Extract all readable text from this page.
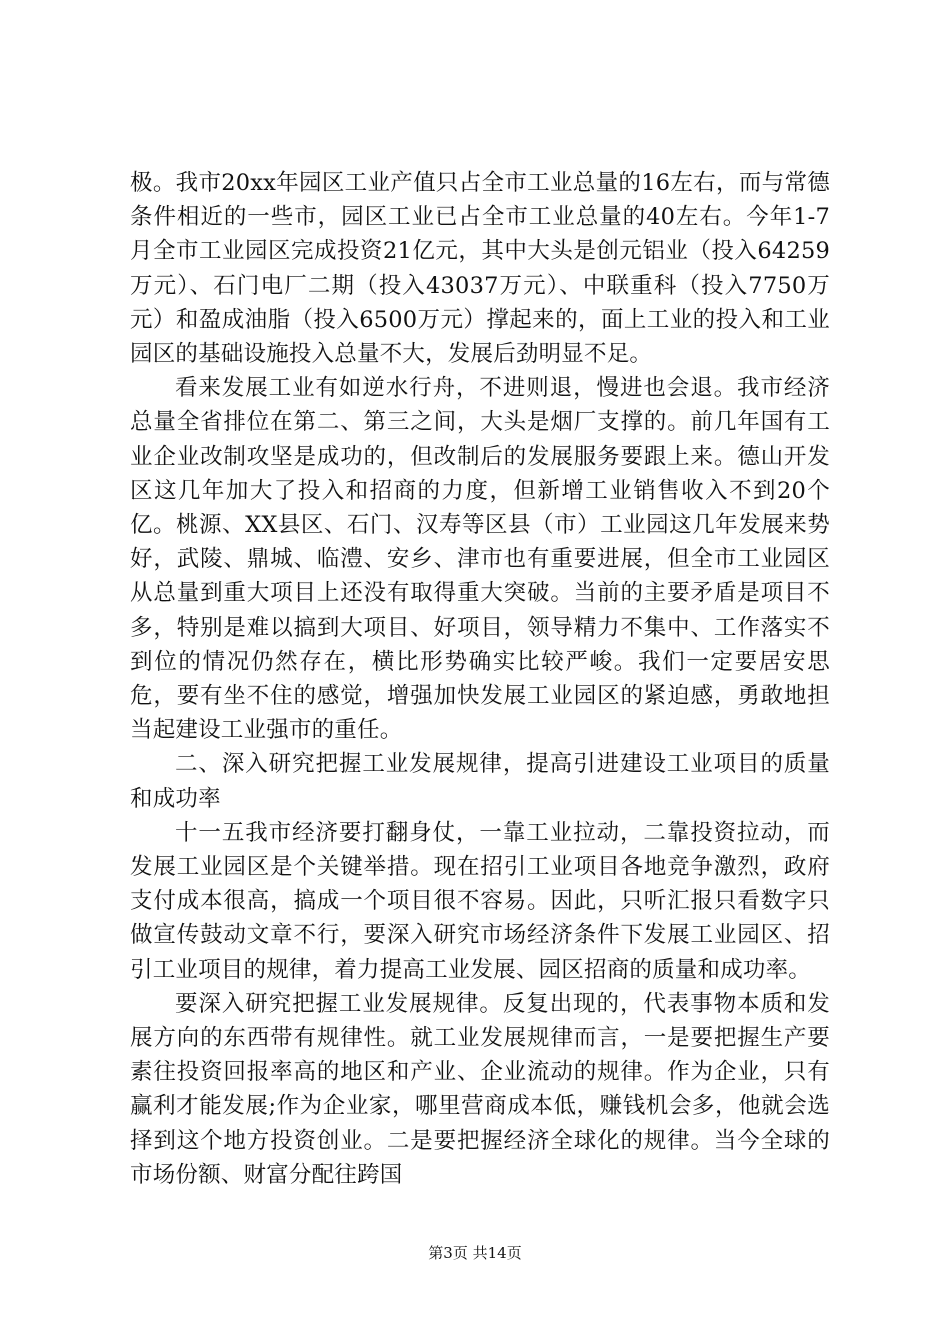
极。我市20xx年园区工业产值只占全市工业总量的16左右，而与常德条件相近的一些市，园区工业已占全市工业总量的40左右。今年1-7月全市工业园区完成投资21亿元，其中大头是创元铝业（投入64259万元）、石门电厂二期（投入43037万元）、中联重科（投入7750万元）和盈成油脂（投入6500万元）撑起来的，面上工业的投入和工业园区的基础设施投入总量不大，发展后劲明显不足。

看来发展工业有如逆水行舟，不进则退，慢进也会退。我市经济总量全省排位在第二、第三之间，大头是烟厂支撑的。前几年国有工业企业改制攻坚是成功的，但改制后的发展服务要跟上来。德山开发区这几年加大了投入和招商的力度，但新增工业销售收入不到20个亿。桃源、XX县区、石门、汉寿等区县（市）工业园这几年发展来势好，武陵、鼎城、临澧、安乡、津市也有重要进展，但全市工业园区从总量到重大项目上还没有取得重大突破。当前的主要矛盾是项目不多，特别是难以搞到大项目、好项目，领导精力不集中、工作落实不到位的情况仍然存在，横比形势确实比较严峻。我们一定要居安思危，要有坐不住的感觉，增强加快发展工业园区的紧迫感，勇敢地担当起建设工业强市的重任。

二、深入研究把握工业发展规律，提高引进建设工业项目的质量和成功率

十一五我市经济要打翻身仗，一靠工业拉动，二靠投资拉动，而发展工业园区是个关键举措。现在招引工业项目各地竞争激烈，政府支付成本很高，搞成一个项目很不容易。因此，只听汇报只看数字只做宣传鼓动文章不行，要深入研究市场经济条件下发展工业园区、招引工业项目的规律，着力提高工业发展、园区招商的质量和成功率。

要深入研究把握工业发展规律。反复出现的，代表事物本质和发展方向的东西带有规律性。就工业发展规律而言，一是要把握生产要素往投资回报率高的地区和产业、企业流动的规律。作为企业，只有赢利才能发展;作为企业家，哪里营商成本低，赚钱机会多，他就会选择到这个地方投资创业。二是要把握经济全球化的规律。当今全球的市场份额、财富分配往跨国

第3页 共14页
